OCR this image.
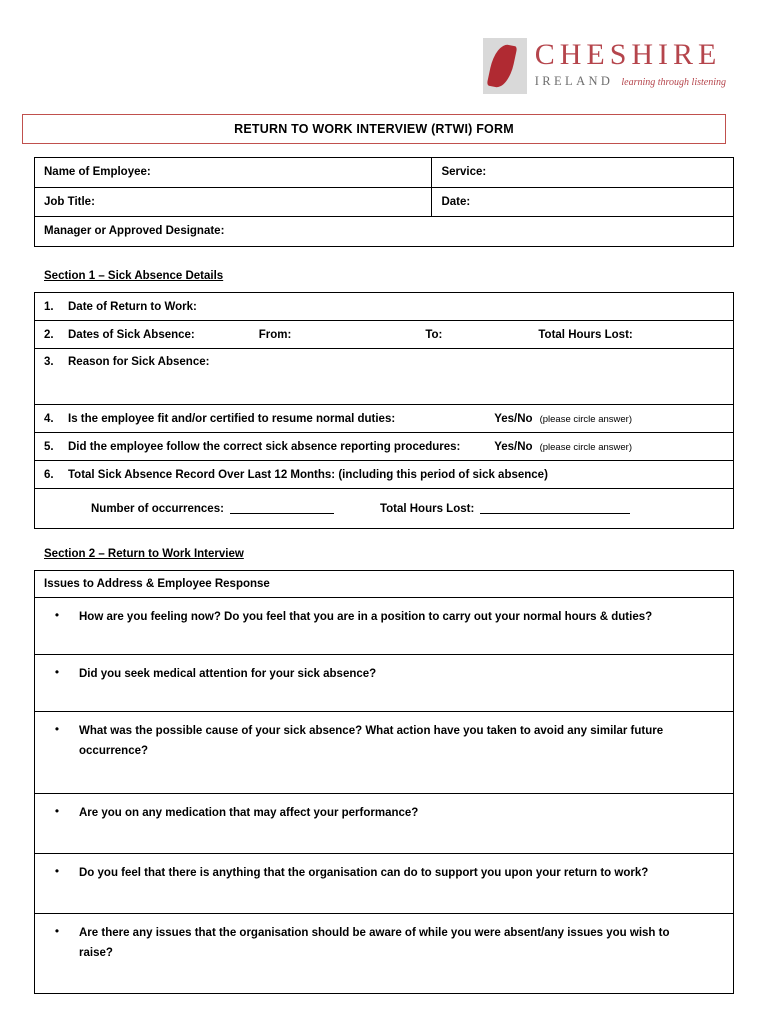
CHESHIRE
IRELAND learning through listening
RETURN TO WORK INTERVIEW (RTWI) FORM
Name of Employee:	Service:
Job Title:	Date:
Manager or Approved Designate:
Section 1 – Sick Absence Details
1.	Date of Return to Work:
2.	Dates of Sick Absence:	From:	To:	Total Hours Lost:
3.	Reason for Sick Absence:
4.	Is the employee fit and/or certified to resume normal duties:	Yes/No (please circle answer)
5.	Did the employee follow the correct sick absence reporting procedures:	Yes/No (please circle answer)
6.	Total Sick Absence Record Over Last 12 Months: (including this period of sick absence)
Number of occurrences:	Total Hours Lost:
Section 2 – Return to Work Interview
Issues to Address & Employee Response
•	How are you feeling now? Do you feel that you are in a position to carry out your normal hours & duties?
•	Did you seek medical attention for your sick absence?
•	What was the possible cause of your sick absence? What action have you taken to avoid any similar future occurrence?
•	Are you on any medication that may affect your performance?
•	Do you feel that there is anything that the organisation can do to support you upon your return to work?
•	Are there any issues that the organisation should be aware of while you were absent/any issues you wish to raise?
